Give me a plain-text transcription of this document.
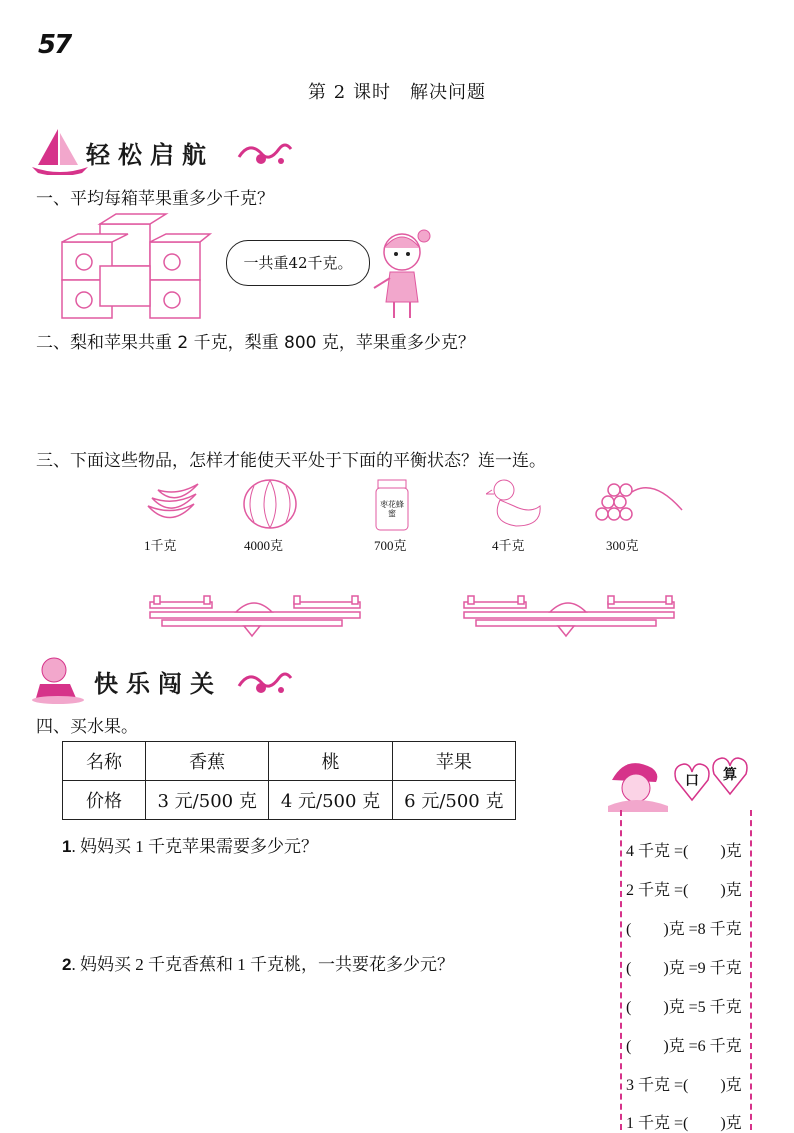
57
第 2 课时　解决问题
轻松启航
一、平均每箱苹果重多少千克？
一共重42千克。
二、梨和苹果共重 2 千克，梨重 800 克，苹果重多少克？
三、下面这些物品，怎样才能使天平处于下面的平衡状态？连一连。
1千克	4000克
枣花蜂蜜
700克	4千克	300克
快乐闯关
四、买水果。
名称	香蕉	桃	苹果
价格	3 元/500 克	4 元/500 克	6 元/500 克
1. 妈妈买 1 千克苹果需要多少元？
2. 妈妈买 2 千克香蕉和 1 千克桃，一共要花多少元？
口 算
4 千克 =(　　)克
2 千克 =(　　)克
(　　)克 =8 千克
(　　)克 =9 千克
(　　)克 =5 千克
(　　)克 =6 千克
3 千克 =(　　)克
1 千克 =(　　)克
